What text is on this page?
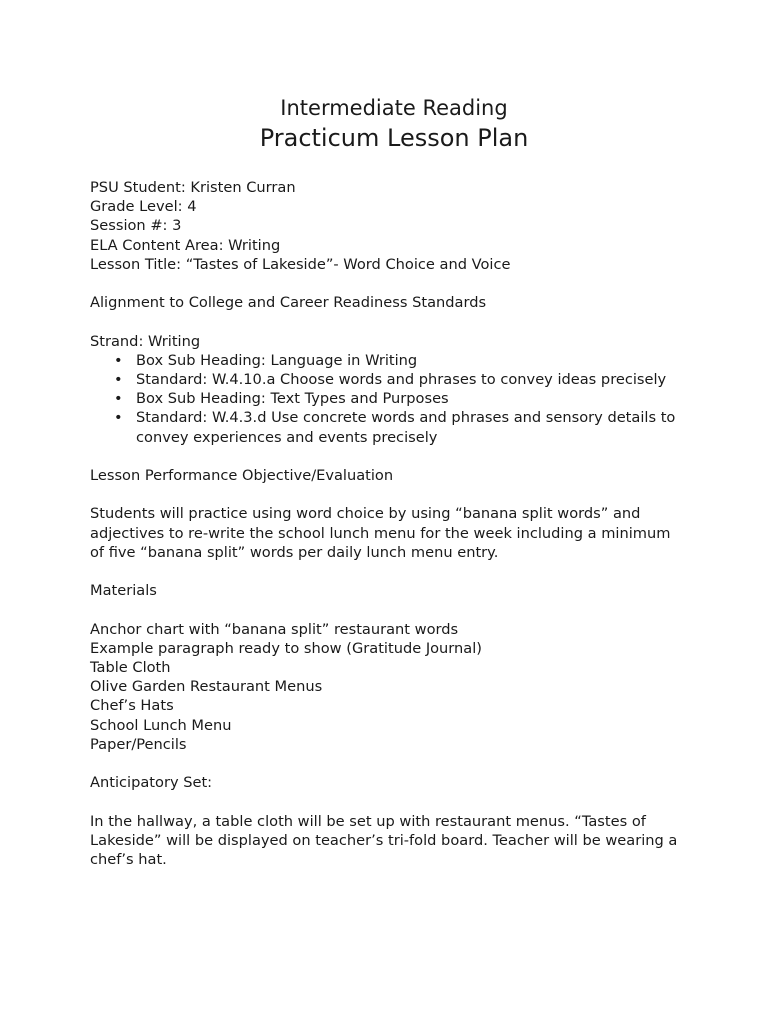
Intermediate Reading
Practicum Lesson Plan

PSU Student: Kristen Curran

Grade Level: 4

Session #: 3

ELA Content Area: Writing

Lesson Title: “Tastes of Lakeside”- Word Choice and Voice

Alignment to College and Career Readiness Standards

Strand: Writing

• Box Sub Heading: Language in Writing
• Standard: W.4.10.a Choose words and phrases to convey ideas precisely
• Box Sub Heading: Text Types and Purposes
• Standard: W.4.3.d Use concrete words and phrases and sensory details to convey experiences and events precisely

Lesson Performance Objective/Evaluation

Students will practice using word choice by using “banana split words” and adjectives to re-write the school lunch menu for the week including a minimum of five “banana split” words per daily lunch menu entry.

Materials

Anchor chart with “banana split” restaurant words

Example paragraph ready to show (Gratitude Journal)

Table Cloth

Olive Garden Restaurant Menus

Chef’s Hats

School Lunch Menu

Paper/Pencils

Anticipatory Set:

In the hallway, a table cloth will be set up with restaurant menus. “Tastes of Lakeside” will be displayed on teacher’s tri-fold board. Teacher will be wearing a chef’s hat.
